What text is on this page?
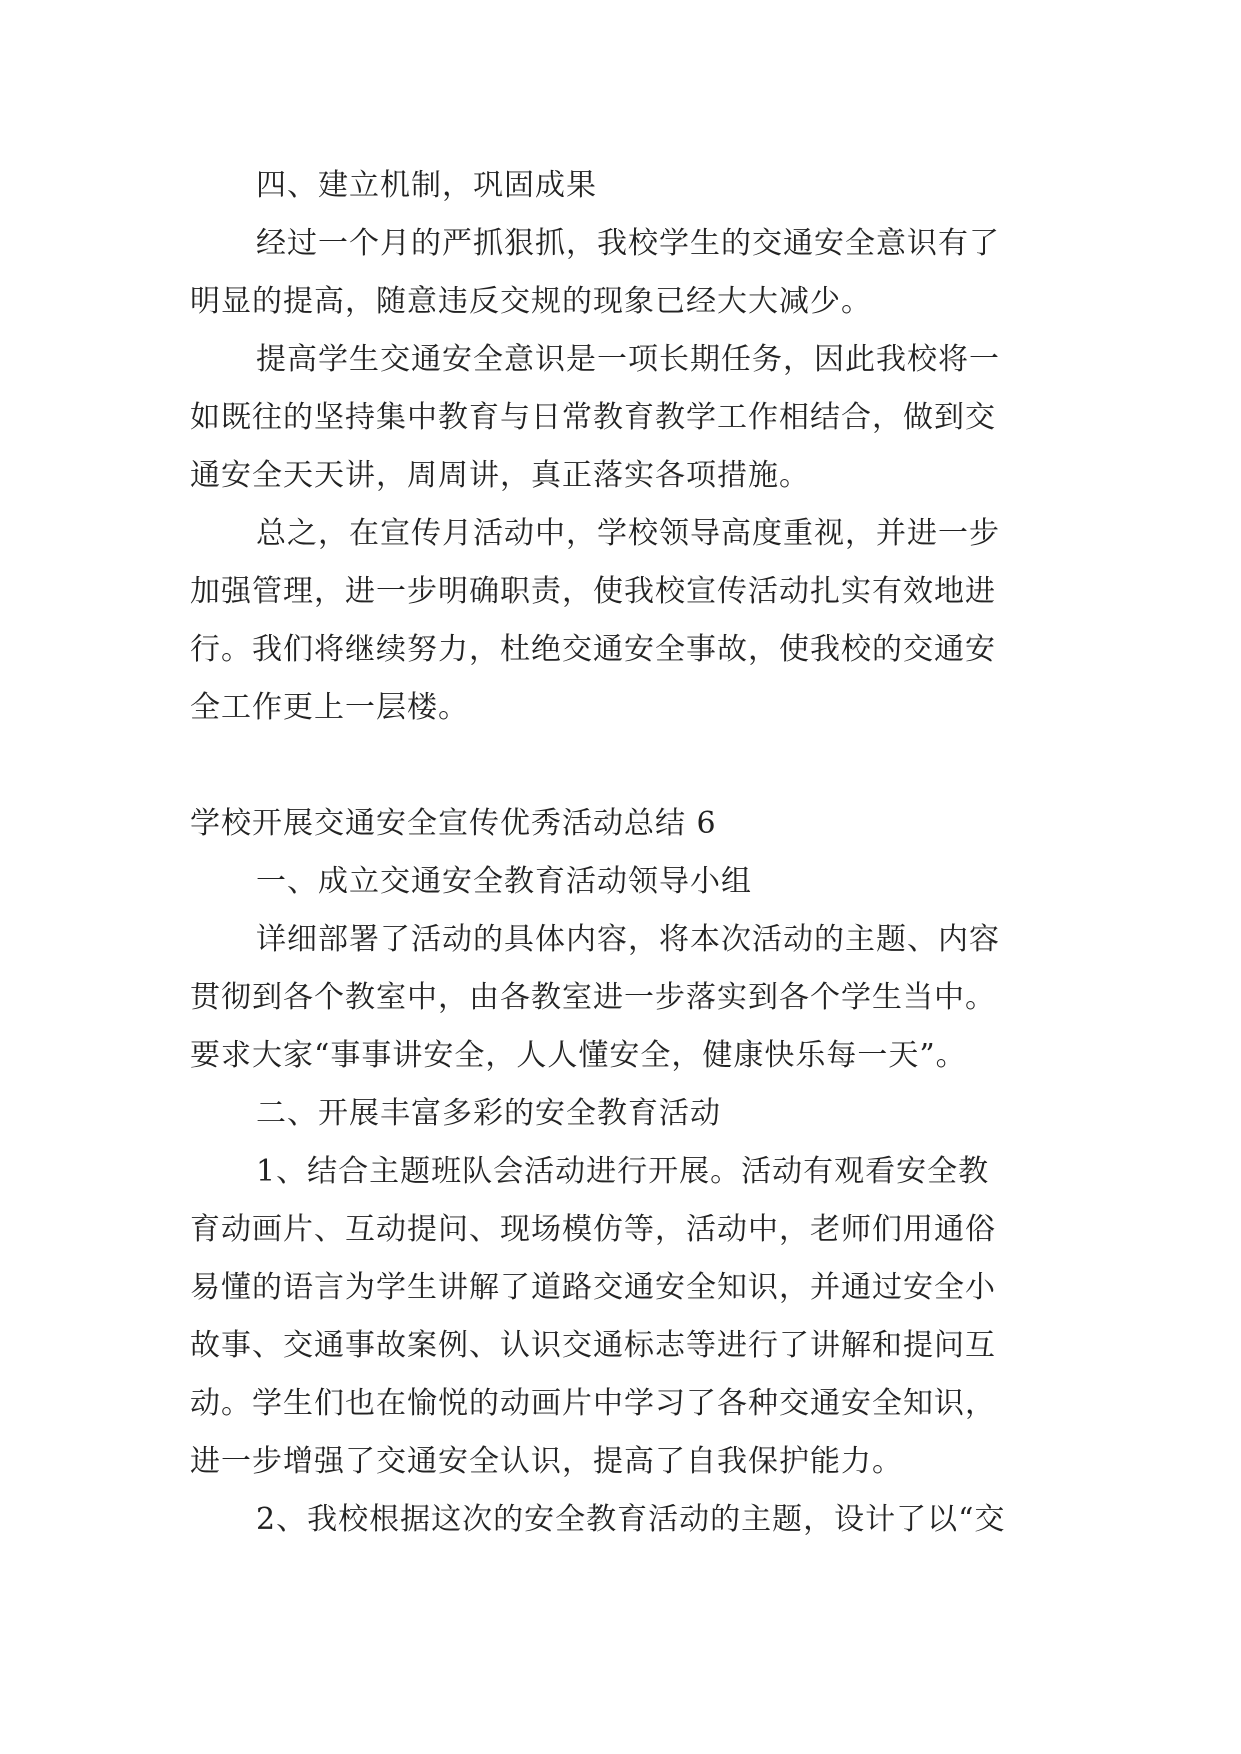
四、建立机制，巩固成果
经过一个月的严抓狠抓，我校学生的交通安全意识有了
明显的提高，随意违反交规的现象已经大大减少。
提高学生交通安全意识是一项长期任务，因此我校将一
如既往的坚持集中教育与日常教育教学工作相结合，做到交
通安全天天讲，周周讲，真正落实各项措施。
总之，在宣传月活动中，学校领导高度重视，并进一步
加强管理，进一步明确职责，使我校宣传活动扎实有效地进
行。我们将继续努力，杜绝交通安全事故，使我校的交通安
全工作更上一层楼。
学校开展交通安全宣传优秀活动总结 6
一、成立交通安全教育活动领导小组
详细部署了活动的具体内容，将本次活动的主题、内容
贯彻到各个教室中，由各教室进一步落实到各个学生当中。
要求大家“事事讲安全，人人懂安全，健康快乐每一天”。
二、开展丰富多彩的安全教育活动
1、结合主题班队会活动进行开展。活动有观看安全教
育动画片、互动提问、现场模仿等，活动中，老师们用通俗
易懂的语言为学生讲解了道路交通安全知识，并通过安全小
故事、交通事故案例、认识交通标志等进行了讲解和提问互
动。学生们也在愉悦的动画片中学习了各种交通安全知识，
进一步增强了交通安全认识，提高了自我保护能力。
2、我校根据这次的安全教育活动的主题，设计了以“交
